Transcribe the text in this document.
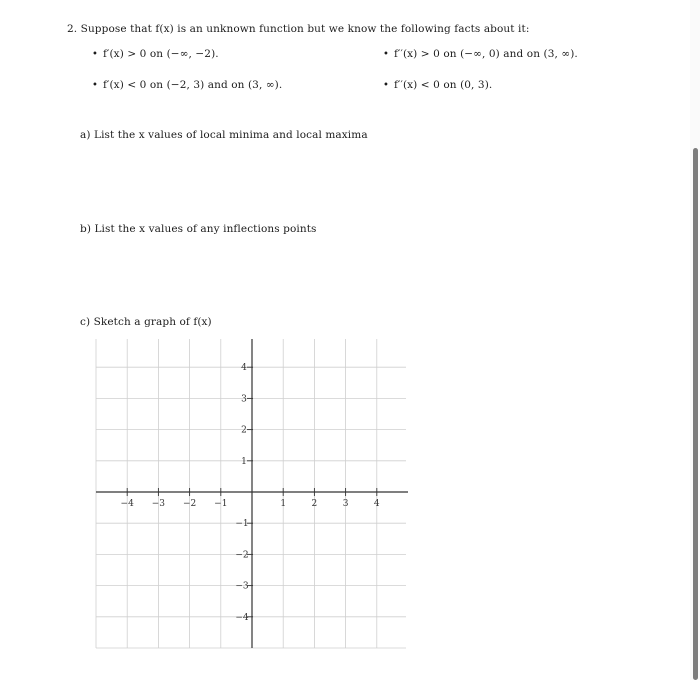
2. Suppose that f(x) is an unknown function but we know the following facts about it:
• f′(x) > 0 on (−∞, −2).	• f′′(x) > 0 on (−∞, 0) and on (3, ∞).
• f′(x) < 0 on (−2, 3) and on (3, ∞).	• f′′(x) < 0 on (0, 3).
a) List the x values of local minima and local maxima
b) List the x values of any inflections points
c) Sketch a graph of f(x)
−4 −3 −2 −1	1	2	3	4
4
3
2
1
−1
−2
−3
−4
